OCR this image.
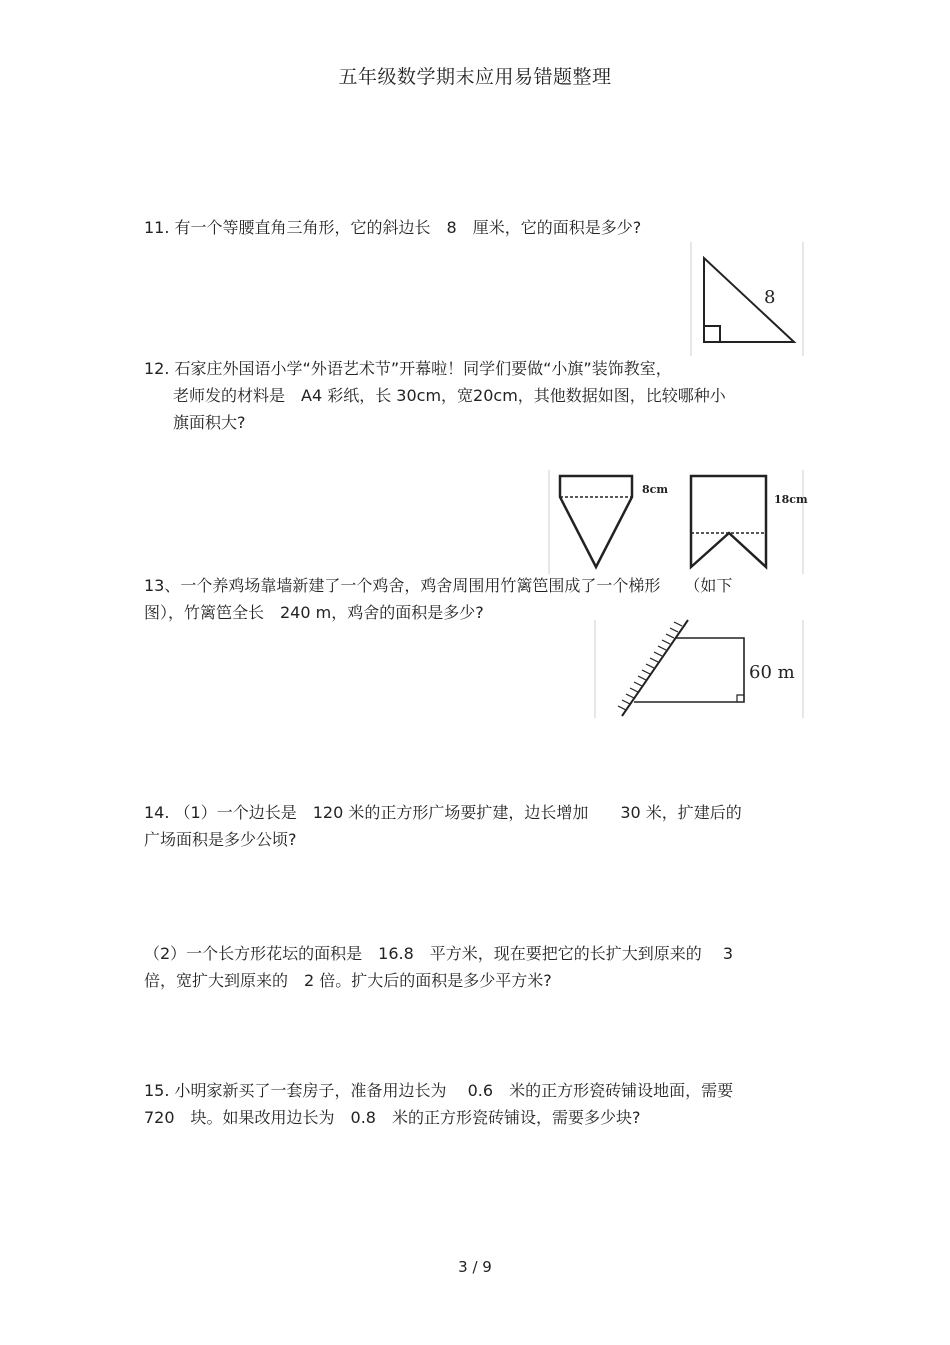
五年级数学期末应用易错题整理
11. 有一个等腰直角三角形，它的斜边长　8　厘米，它的面积是多少?
8
12. 石家庄外国语小学“外语艺术节”开幕啦！同学们要做“小旗”装饰教室，
老师发的材料是　A4 彩纸，长 30cm，宽20cm，其他数据如图，比较哪种小
旗面积大?
8cm
18cm
13、一个养鸡场靠墙新建了一个鸡舍，鸡舍周围用竹篱笆围成了一个梯形　　（如下
图），竹篱笆全长　240 m，鸡舍的面积是多少?
60 m
14. （1）一个边长是　120 米的正方形广场要扩建，边长增加　　30 米，扩建后的
广场面积是多少公顷?
（2）一个长方形花坛的面积是　16.8　平方米，现在要把它的长扩大到原来的　 3
倍，宽扩大到原来的　2 倍。扩大后的面积是多少平方米?
15. 小明家新买了一套房子，准备用边长为　 0.6　米的正方形瓷砖铺设地面，需要
720　块。如果改用边长为　0.8　米的正方形瓷砖铺设，需要多少块?
3 / 9
